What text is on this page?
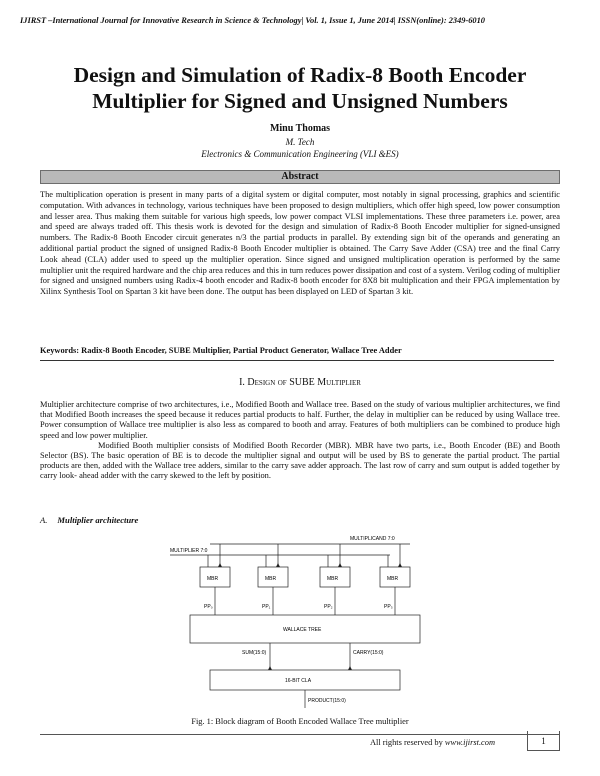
IJIRST –International Journal for Innovative Research in Science & Technology| Vol. 1, Issue 1, June 2014| ISSN(online): 2349-6010
Design and Simulation of Radix-8 Booth Encoder
Multiplier for Signed and Unsigned Numbers
Minu Thomas
M. Tech
Electronics & Communication Engineering (VLI &ES)
Abstract
The multiplication operation is present in many parts of a digital system or digital computer, most notably in signal processing, graphics and scientific computation. With advances in technology, various techniques have been proposed to design multipliers, which offer high speed, low power consumption and lesser area. Thus making them suitable for various high speeds, low power compact VLSI implementations. These three parameters i.e. power, area and speed are always traded off. This thesis work is devoted for the design and simulation of Radix-8 Booth Encoder multiplier for signed-unsigned numbers. The Radix-8 Booth Encoder circuit generates n/3 the partial products in parallel. By extending sign bit of the operands and generating an additional partial product the signed of unsigned Radix-8 Booth Encoder multiplier is obtained. The Carry Save Adder (CSA) tree and the final Carry Look ahead (CLA) adder used to speed up the multiplier operation. Since signed and unsigned multiplication operation is performed by the same multiplier unit the required hardware and the chip area reduces and this in turn reduces power dissipation and cost of a system. Verilog coding of multiplier for signed and unsigned numbers using Radix-4 booth encoder and Radix-8 booth encoder for 8X8 bit multiplication and their FPGA implementation by Xilinx Synthesis Tool on Spartan 3 kit have been done. The output has been displayed on LED of Spartan 3 kit.
Keywords: Radix-8 Booth Encoder, SUBE Multiplier, Partial Product Generator, Wallace Tree Adder
I. Design of SUBE Multiplier

Multiplier architecture comprise of two architectures, i.e., Modified Booth and Wallace tree. Based on the study of various multiplier architectures, we find that Modified Booth increases the speed because it reduces partial products to half. Further, the delay in multiplier can be reduced by using Wallace tree. Power consumption of Wallace tree multiplier is also less as compared to booth and array. Features of both multipliers can be combined to produce high speed and low power multiplier.

Modified Booth multiplier consists of Modified Booth Recorder (MBR). MBR have two parts, i.e., Booth Encoder (BE) and Booth Selector (BS). The basic operation of BE is to decode the multiplier signal and output will be used by BS to generate the partial product. The partial products are then, added with the Wallace tree adders, similar to the carry save adder approach. The last row of carry and sum output is added together by carry look- ahead adder with the carry skewed to the left by position.

A. Multiplier architecture
MULTIPLIER 7:0
MULTIPLICAND 7:0
MBR	MBR	MBR	MBR
PP₀	PP₁	PP₂	PP₃
WALLACE TREE
SUM(15:0)	CARRY(15:0)
16-BIT CLA
PRODUCT(15:0)
Fig. 1: Block diagram of Booth Encoded Wallace Tree multiplier
All rights reserved by www.ijirst.com	1
